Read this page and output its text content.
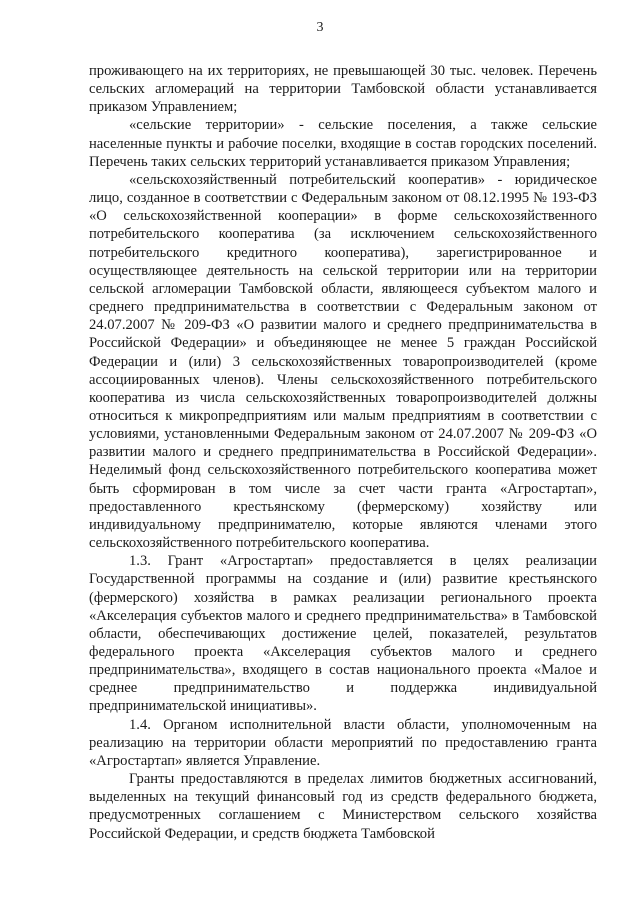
3

проживающего на их территориях, не превышающей 30 тыс. человек. Перечень сельских агломераций на территории Тамбовской области устанавливается приказом Управлением;

«сельские территории» - сельские поселения, а также сельские населенные пункты и рабочие поселки, входящие в состав городских поселений. Перечень таких сельских территорий устанавливается приказом Управления;

«сельскохозяйственный потребительский кооператив» - юридическое лицо, созданное в соответствии с Федеральным законом от 08.12.1995 № 193-ФЗ «О сельскохозяйственной кооперации» в форме сельскохозяйственного потребительского кооператива (за исключением сельскохозяйственного потребительского кредитного кооператива), зарегистрированное и осуществляющее деятельность на сельской территории или на территории сельской агломерации Тамбовской области, являющееся субъектом малого и среднего предпринимательства в соответствии с Федеральным законом от 24.07.2007 № 209-ФЗ «О развитии малого и среднего предпринимательства в Российской Федерации» и объединяющее не менее 5 граждан Российской Федерации и (или) 3 сельскохозяйственных товаропроизводителей (кроме ассоциированных членов). Члены сельскохозяйственного потребительского кооператива из числа сельскохозяйственных товаропроизводителей должны относиться к микропредприятиям или малым предприятиям в соответствии с условиями, установленными Федеральным законом от 24.07.2007 № 209-ФЗ «О развитии малого и среднего предпринимательства в Российской Федерации». Неделимый фонд сельскохозяйственного потребительского кооператива может быть сформирован в том числе за счет части гранта «Агростартап», предоставленного крестьянскому (фермерскому) хозяйству или индивидуальному предпринимателю, которые являются членами этого сельскохозяйственного потребительского кооператива.

1.3. Грант «Агростартап» предоставляется в целях реализации Государственной программы на создание и (или) развитие крестьянского (фермерского) хозяйства в рамках реализации регионального проекта «Акселерация субъектов малого и среднего предпринимательства» в Тамбовской области, обеспечивающих достижение целей, показателей, результатов федерального проекта «Акселерация субъектов малого и среднего предпринимательства», входящего в состав национального проекта «Малое и среднее предпринимательство и поддержка индивидуальной предпринимательской инициативы».

1.4. Органом исполнительной власти области, уполномоченным на реализацию на территории области мероприятий по предоставлению гранта «Агростартап» является Управление.

Гранты предоставляются в пределах лимитов бюджетных ассигнований, выделенных на текущий финансовый год из средств федерального бюджета, предусмотренных соглашением с Министерством сельского хозяйства Российской Федерации, и средств бюджета Тамбовской
